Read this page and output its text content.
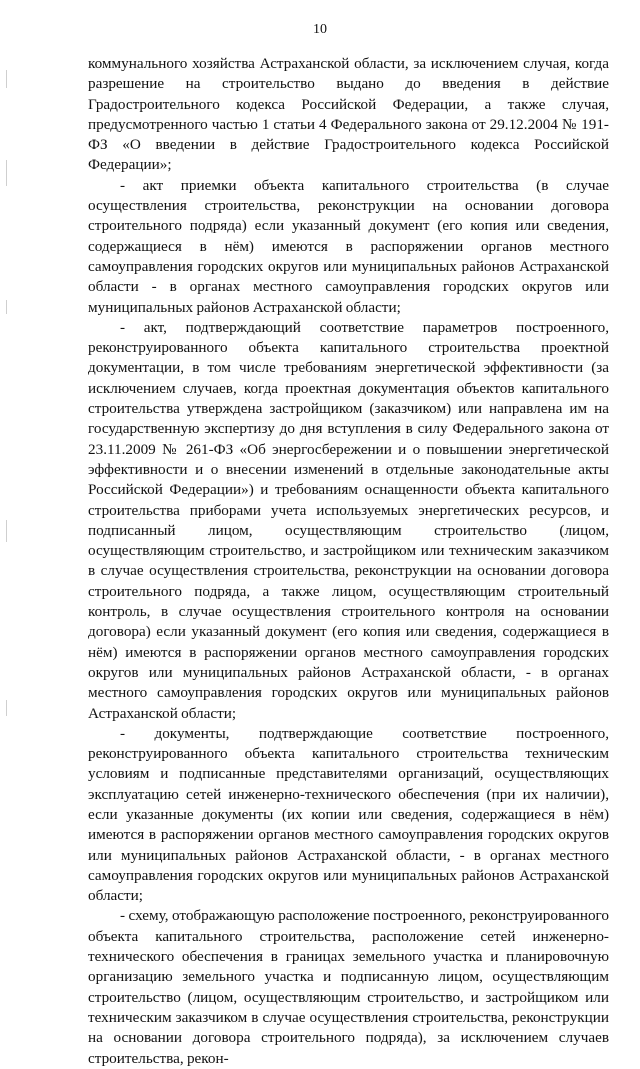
10

коммунального хозяйства Астраханской области, за исключением случая, когда разрешение на строительство выдано до введения в действие Градостроительного кодекса Российской Федерации, а также случая, предусмотренного частью 1 статьи 4 Федерального закона от 29.12.2004 № 191-ФЗ «О введении в действие Градостроительного кодекса Российской Федерации»;

- акт приемки объекта капитального строительства (в случае осуществления строительства, реконструкции на основании договора строительного подряда) если указанный документ (его копия или сведения, содержащиеся в нём) имеются в распоряжении органов местного самоуправления городских округов или муниципальных районов Астраханской области - в органах местного самоуправления городских округов или муниципальных районов Астраханской области;

- акт, подтверждающий соответствие параметров построенного, реконструированного объекта капитального строительства проектной документации, в том числе требованиям энергетической эффективности (за исключением случаев, когда проектная документация объектов капитального строительства утверждена застройщиком (заказчиком) или направлена им на государственную экспертизу до дня вступления в силу Федерального закона от 23.11.2009 № 261-ФЗ «Об энергосбережении и о повышении энергетической эффективности и о внесении изменений в отдельные законодательные акты Российской Федерации») и требованиям оснащенности объекта капитального строительства приборами учета используемых энергетических ресурсов, и подписанный лицом, осуществляющим строительство (лицом, осуществляющим строительство, и застройщиком или техническим заказчиком в случае осуществления строительства, реконструкции на основании договора строительного подряда, а также лицом, осуществляющим строительный контроль, в случае осуществления строительного контроля на основании договора) если указанный документ (его копия или сведения, содержащиеся в нём) имеются в распоряжении органов местного самоуправления городских округов или муниципальных районов Астраханской области, - в органах местного самоуправления городских округов или муниципальных районов Астраханской области;

- документы, подтверждающие соответствие построенного, реконструированного объекта капитального строительства техническим условиям и подписанные представителями организаций, осуществляющих эксплуатацию сетей инженерно-технического обеспечения (при их наличии), если указанные документы (их копии или сведения, содержащиеся в нём) имеются в распоряжении органов местного самоуправления городских округов или муниципальных районов Астраханской области, - в органах местного самоуправления городских округов или муниципальных районов Астраханской области;

- схему, отображающую расположение построенного, реконструированного объекта капитального строительства, расположение сетей инженерно-технического обеспечения в границах земельного участка и планировочную организацию земельного участка и подписанную лицом, осуществляющим строительство (лицом, осуществляющим строительство, и застройщиком или техническим заказчиком в случае осуществления строительства, реконструкции на основании договора строительного подряда), за исключением случаев строительства, рекон-
